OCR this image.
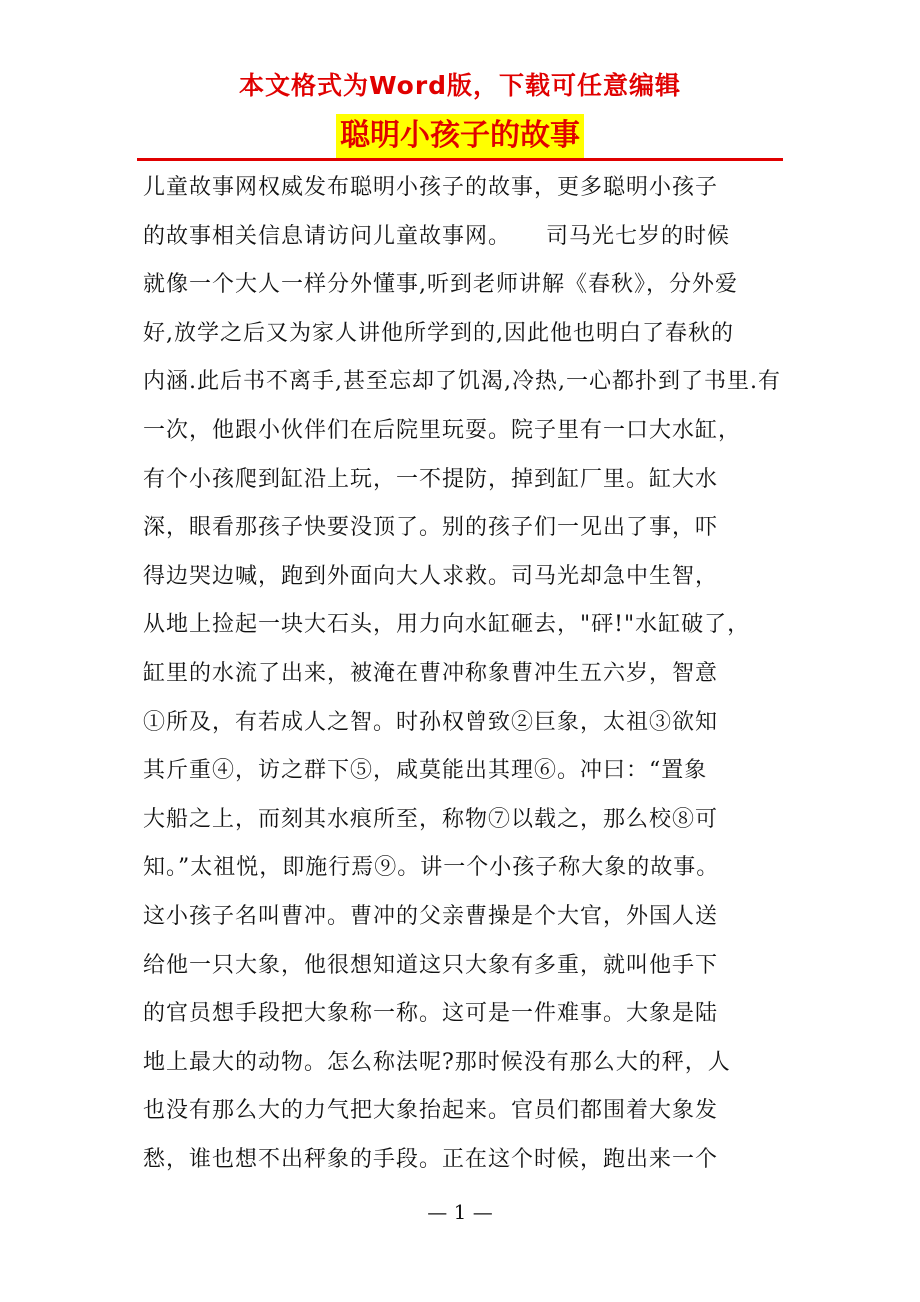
本文格式为Word版，下载可任意编辑
聪明小孩子的故事
儿童故事网权威发布聪明小孩子的故事，更多聪明小孩子
的故事相关信息请访问儿童故事网。　　司马光七岁的时候
就像一个大人一样分外懂事,听到老师讲解《春秋》，分外爱
好,放学之后又为家人讲他所学到的,因此他也明白了春秋的
内涵.此后书不离手,甚至忘却了饥渴,冷热,一心都扑到了书里.有
一次，他跟小伙伴们在后院里玩耍。院子里有一口大水缸，
有个小孩爬到缸沿上玩，一不提防，掉到缸厂里。缸大水
深，眼看那孩子快要没顶了。别的孩子们一见出了事，吓
得边哭边喊，跑到外面向大人求救。司马光却急中生智，
从地上捡起一块大石头，用力向水缸砸去，"砰!"水缸破了，
缸里的水流了出来，被淹在曹冲称象曹冲生五六岁，智意
①所及，有若成人之智。时孙权曾致②巨象，太祖③欲知
其斤重④，访之群下⑤，咸莫能出其理⑥。冲曰：“置象
大船之上，而刻其水痕所至，称物⑦以载之，那么校⑧可
知。”太祖悦，即施行焉⑨。讲一个小孩子称大象的故事。
这小孩子名叫曹冲。曹冲的父亲曹操是个大官，外国人送
给他一只大象，他很想知道这只大象有多重，就叫他手下
的官员想手段把大象称一称。这可是一件难事。大象是陆
地上最大的动物。怎么称法呢?那时候没有那么大的秤，人
也没有那么大的力气把大象抬起来。官员们都围着大象发
愁，谁也想不出秤象的手段。正在这个时候，跑出来一个
— 1 —
